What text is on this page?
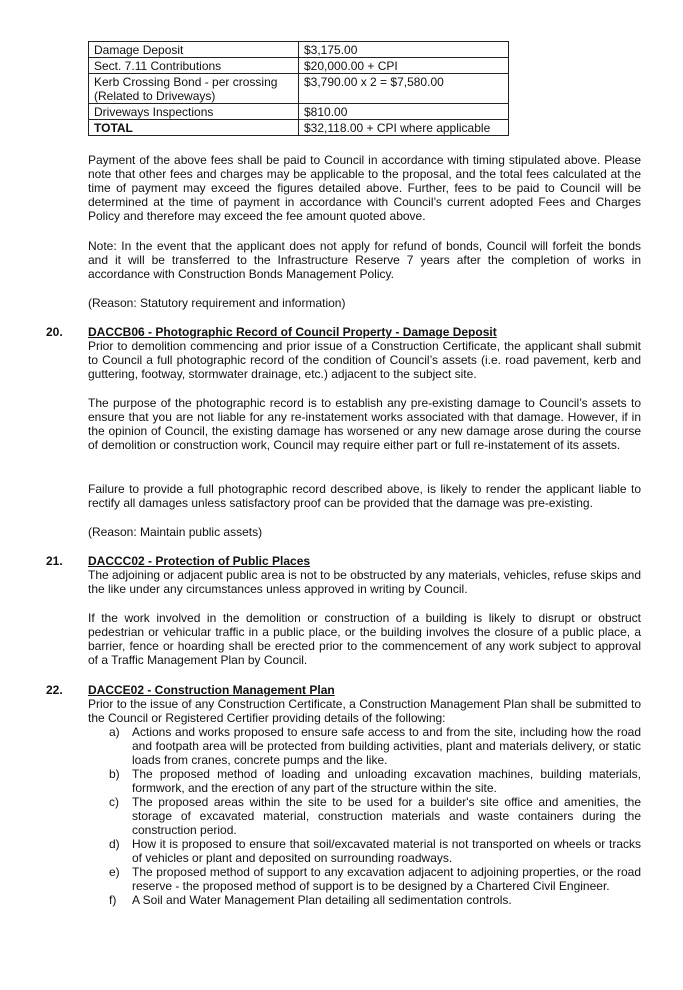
Damage Deposit	$3,175.00
Sect. 7.11 Contributions	$20,000.00 + CPI
Kerb Crossing Bond - per crossing (Related to Driveways)	$3,790.00 x 2 = $7,580.00
Driveways Inspections	$810.00
TOTAL	$32,118.00 + CPI where applicable

Payment of the above fees shall be paid to Council in accordance with timing stipulated above. Please note that other fees and charges may be applicable to the proposal, and the total fees calculated at the time of payment may exceed the figures detailed above. Further, fees to be paid to Council will be determined at the time of payment in accordance with Council’s current adopted Fees and Charges Policy and therefore may exceed the fee amount quoted above.

Note: In the event that the applicant does not apply for refund of bonds, Council will forfeit the bonds and it will be transferred to the Infrastructure Reserve 7 years after the completion of works in accordance with Construction Bonds Management Policy.

(Reason: Statutory requirement and information)

20. DACCB06 - Photographic Record of Council Property - Damage Deposit

Prior to demolition commencing and prior issue of a Construction Certificate, the applicant shall submit to Council a full photographic record of the condition of Council’s assets (i.e. road pavement, kerb and guttering, footway, stormwater drainage, etc.) adjacent to the subject site.

The purpose of the photographic record is to establish any pre-existing damage to Council’s assets to ensure that you are not liable for any re-instatement works associated with that damage. However, if in the opinion of Council, the existing damage has worsened or any new damage arose during the course of demolition or construction work, Council may require either part or full re-instatement of its assets.

Failure to provide a full photographic record described above, is likely to render the applicant liable to rectify all damages unless satisfactory proof can be provided that the damage was pre-existing.

(Reason: Maintain public assets)

21. DACCC02 - Protection of Public Places

The adjoining or adjacent public area is not to be obstructed by any materials, vehicles, refuse skips and the like under any circumstances unless approved in writing by Council.

If the work involved in the demolition or construction of a building is likely to disrupt or obstruct pedestrian or vehicular traffic in a public place, or the building involves the closure of a public place, a barrier, fence or hoarding shall be erected prior to the commencement of any work subject to approval of a Traffic Management Plan by Council.

22. DACCE02 - Construction Management Plan

Prior to the issue of any Construction Certificate, a Construction Management Plan shall be submitted to the Council or Registered Certifier providing details of the following:

a) Actions and works proposed to ensure safe access to and from the site, including how the road and footpath area will be protected from building activities, plant and materials delivery, or static loads from cranes, concrete pumps and the like.
b) The proposed method of loading and unloading excavation machines, building materials, formwork, and the erection of any part of the structure within the site.
c) The proposed areas within the site to be used for a builder's site office and amenities, the storage of excavated material, construction materials and waste containers during the construction period.
d) How it is proposed to ensure that soil/excavated material is not transported on wheels or tracks of vehicles or plant and deposited on surrounding roadways.
e) The proposed method of support to any excavation adjacent to adjoining properties, or the road reserve - the proposed method of support is to be designed by a Chartered Civil Engineer.
f) A Soil and Water Management Plan detailing all sedimentation controls.
